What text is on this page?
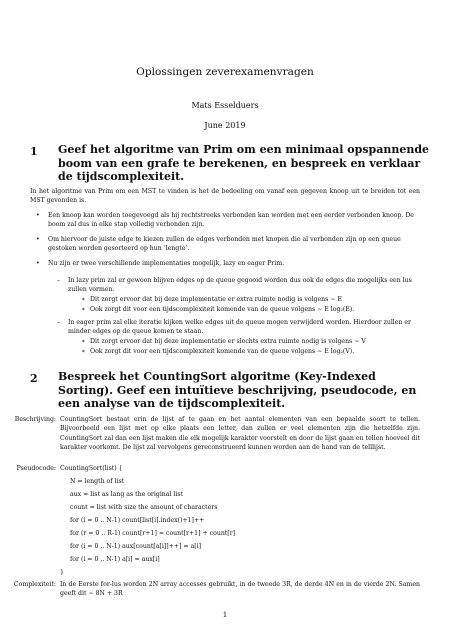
Oplossingen zeverexamenvragen
Mats Esselduers
June 2019
1 Geef het algoritme van Prim om een minimaal opspannende boom van een grafe te berekenen, en bespreek en verklaar de tijdscomplexiteit.
In het algoritme van Prim om een MST te vinden is het de bedoeling om vanaf een gegeven knoop uit te breiden tot een MST gevonden is.
• Een knoop kan worden toegevoegd als hij rechtstreeks verbonden kan worden met een eerder verbonden knoop. De boom zal dus in elke stap volledig verbonden zijn.
• Om hiervoor de juiste edge te kiezen zullen de edges verbonden met knopen die al verbonden zijn op een queue gestoken worden gesorteerd op hun ‘lengte’.
• Nu zijn er twee verschillende implementaties mogelijk, lazy en eager Prim.
– In lazy prim zal er gewoon blijven edges op de queue gegooid worden dus ook de edges die mogelijks een lus zullen vormen.
∗ Dit zorgt ervoor dat bij deze implementatie er extra ruimte nodig is volgens ∼ E
∗ Ook zorgt dit voor een tijdscomplexiteit komende van de queue volgens ∼ E log₂(E).
– In eager prim zal elke iteratie kijken welke edges uit de queue mogen verwijderd worden. Hierdoor zullen er minder edges op de queue komen te staan.
∗ Dit zorgt ervoor dat bij deze implementatie er slechts extra ruimte nodig is volgens ∼ V
∗ Ook zorgt dit voor een tijdscomplexiteit komende van de queue volgens ∼ E log₂(V).
2 Bespreek het CountingSort algoritme (Key-Indexed Sorting). Geef een intuïtieve beschrijving, pseudocode, en een analyse van de tijdscomplexiteit.
Beschrijving: CountingSort bestaat erin de lijst af te gaan en het aantal elementen van een bepaalde soort te tellen. Bijvoorbeeld een lijst met op elke plaats een letter, dan zullen er veel elementen zijn die hetzelfde zijn. CountingSort zal dan een lijst maken die elk mogelijk karakter voorstelt en door de lijst gaan en tellen hoeveel dit karakter voorkomt. De lijst zal vervolgens gereconstrueerd kunnen worden aan de hand van de telllijst.
Pseudocode: CountingSort(list) {
N = length of list
aux = list as lang as the original list
count = list with size the amount of characters
for (i = 0 .. N-1) count[list[i].index()+1]++
for (r = 0 .. R-1) count[r+1] = count[r+1] + count[r]
for (i = 0 .. N-1) aux[count[a[i]]++] = a[i]
for (i = 0 .. N-1) a[i] = aux[i]
}
Complexiteit: In de Eerste for-lus worden 2N array accesses gebruikt, in de tweede 3R, de derde 4N en in de vierde 2N. Samen geeft dit ∼ 8N + 3R
1
